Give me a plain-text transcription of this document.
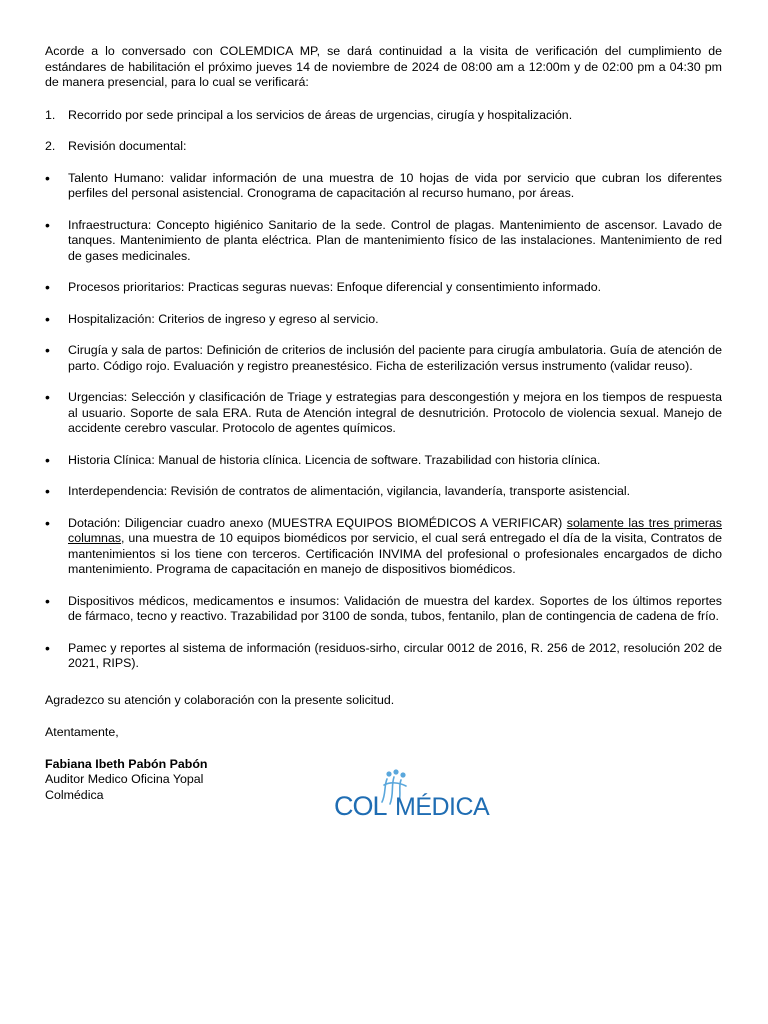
Acorde a lo conversado con COLEMDICA MP, se dará continuidad a la visita de verificación del cumplimiento de estándares de habilitación el próximo jueves 14 de noviembre de 2024 de 08:00 am a 12:00m y de 02:00 pm a 04:30 pm de manera presencial, para lo cual se verificará:

1. Recorrido por sede principal a los servicios de áreas de urgencias, cirugía y hospitalización.
2. Revisión documental:
• Talento Humano: validar información de una muestra de 10 hojas de vida por servicio que cubran los diferentes perfiles del personal asistencial. Cronograma de capacitación al recurso humano, por áreas.
• Infraestructura: Concepto higiénico Sanitario de la sede. Control de plagas. Mantenimiento de ascensor. Lavado de tanques. Mantenimiento de planta eléctrica. Plan de mantenimiento físico de las instalaciones. Mantenimiento de red de gases medicinales.
• Procesos prioritarios: Practicas seguras nuevas: Enfoque diferencial y consentimiento informado.
• Hospitalización: Criterios de ingreso y egreso al servicio.
• Cirugía y sala de partos: Definición de criterios de inclusión del paciente para cirugía ambulatoria. Guía de atención de parto. Código rojo. Evaluación y registro preanestésico. Ficha de esterilización versus instrumento (validar reuso).
• Urgencias: Selección y clasificación de Triage y estrategias para descongestión y mejora en los tiempos de respuesta al usuario. Soporte de sala ERA. Ruta de Atención integral de desnutrición. Protocolo de violencia sexual. Manejo de accidente cerebro vascular. Protocolo de agentes químicos.
• Historia Clínica: Manual de historia clínica. Licencia de software. Trazabilidad con historia clínica.
• Interdependencia: Revisión de contratos de alimentación, vigilancia, lavandería, transporte asistencial.
• Dotación: Diligenciar cuadro anexo (MUESTRA EQUIPOS BIOMÉDICOS A VERIFICAR) solamente las tres primeras columnas, una muestra de 10 equipos biomédicos por servicio, el cual será entregado el día de la visita, Contratos de mantenimientos si los tiene con terceros. Certificación INVIMA del profesional o profesionales encargados de dicho mantenimiento. Programa de capacitación en manejo de dispositivos biomédicos.
• Dispositivos médicos, medicamentos e insumos: Validación de muestra del kardex. Soportes de los últimos reportes de fármaco, tecno y reactivo. Trazabilidad por 3100 de sonda, tubos, fentanilo, plan de contingencia de cadena de frío.
• Pamec y reportes al sistema de información (residuos-sirho, circular 0012 de 2016, R. 256 de 2012, resolución 202 de 2021, RIPS).

Agradezco su atención y colaboración con la presente solicitud.

Atentamente,

Fabiana Ibeth Pabón Pabón

Auditor Medico Oficina Yopal

Colmédica	COL MÉDICA
